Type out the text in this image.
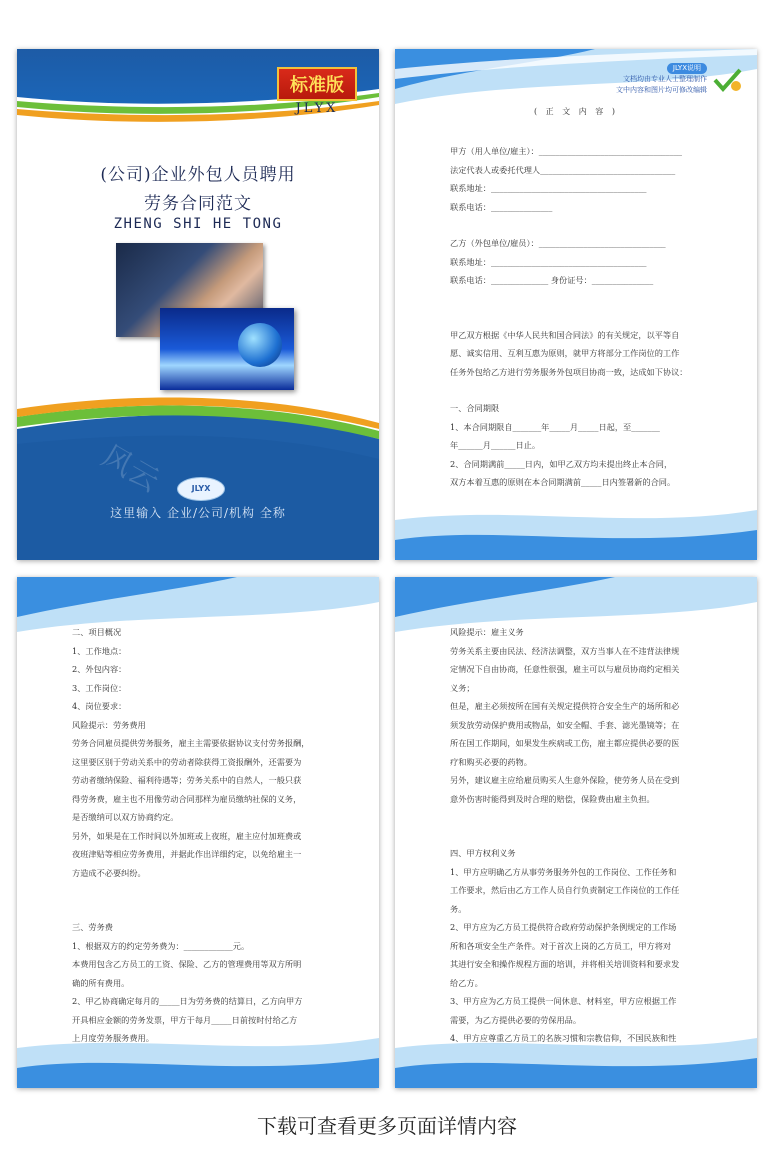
标准版
JLYX
(公司)企业外包人员聘用
劳务合同范文
ZHENG SHI HE TONG
风云	JLYX
这里输入 企业/公司/机构 全称
JLYX说明
文档均由专业人士整理制作
文中内容和图片均可修改编辑
( 正 文 内 容 )

甲方（用人单位/雇主）：___________________________________

法定代表人或委托代理人_________________________________

联系地址：______________________________________

联系电话：_______________

乙方（外包单位/雇员）：_______________________________

联系地址：______________________________________

联系电话：______________ 身份证号：_______________

甲乙双方根据《中华人民共和国合同法》的有关规定，以平等自

愿、诚实信用、互利互惠为原则，就甲方将部分工作岗位的工作

任务外包给乙方进行劳务服务外包项目协商一致，达成如下协议：

一、合同期限

1、本合同期限自_______年_____月_____日起，至_______

年______月______日止。

2、合同期满前_____日内，如甲乙双方均未提出终止本合同，

双方本着互惠的原则在本合同期满前_____日内签署新的合同。

二、项目概况

1、工作地点：

2、外包内容：

3、工作岗位：

4、岗位要求：

风险提示：劳务费用

劳务合同雇员提供劳务服务，雇主主需要依据协议支付劳务报酬，

这里要区别于劳动关系中的劳动者除获得工资报酬外，还需要为

劳动者缴纳保险、福利待遇等；劳务关系中的自然人，一般只获

得劳务费，雇主也不用像劳动合同那样为雇员缴纳社保的义务，

是否缴纳可以双方协商约定。

另外，如果是在工作时间以外加班或上夜班，雇主应付加班费或

夜班津贴等相应劳务费用，并据此作出详细约定，以免给雇主一

方造成不必要纠纷。

三、劳务费

1、根据双方的约定劳务费为：____________元。

本费用包含乙方员工的工资、保险、乙方的管理费用等双方所明

确的所有费用。

2、甲乙协商确定每月的_____日为劳务费的结算日，乙方向甲方

开具相应金额的劳务发票，甲方于每月_____日前按时付给乙方

上月度劳务服务费用。

风险提示：雇主义务

劳务关系主要由民法、经济法调整，双方当事人在不违背法律规

定情况下自由协商，任意性很强，雇主可以与雇员协商约定相关

义务；

但是，雇主必须按所在国有关规定提供符合安全生产的场所和必

须发放劳动保护费用或物品，如安全帽、手套、滤光墨镜等；在

所在国工作期间，如果发生疾病或工伤，雇主都应提供必要的医

疗和购买必要的药物。

另外，建议雇主应给雇员购买人生意外保险，使劳务人员在受到

意外伤害时能得到及时合理的赔偿，保险费由雇主负担。

四、甲方权利义务

1、甲方应明确乙方从事劳务服务外包的工作岗位、工作任务和

工作要求，然后由乙方工作人员自行负责制定工作岗位的工作任

务。

2、甲方应为乙方员工提供符合政府劳动保护条例规定的工作场

所和各项安全生产条件。对于首次上岗的乙方员工，甲方将对

其进行安全和操作规程方面的培训，并将相关培训资料和要求发

给乙方。

3、甲方应为乙方员工提供一间休息、材料室，甲方应根据工作

需要，为乙方提供必要的劳保用品。

4、甲方应尊重乙方员工的名族习惯和宗教信仰，不国民族和性

下载可查看更多页面详情内容
